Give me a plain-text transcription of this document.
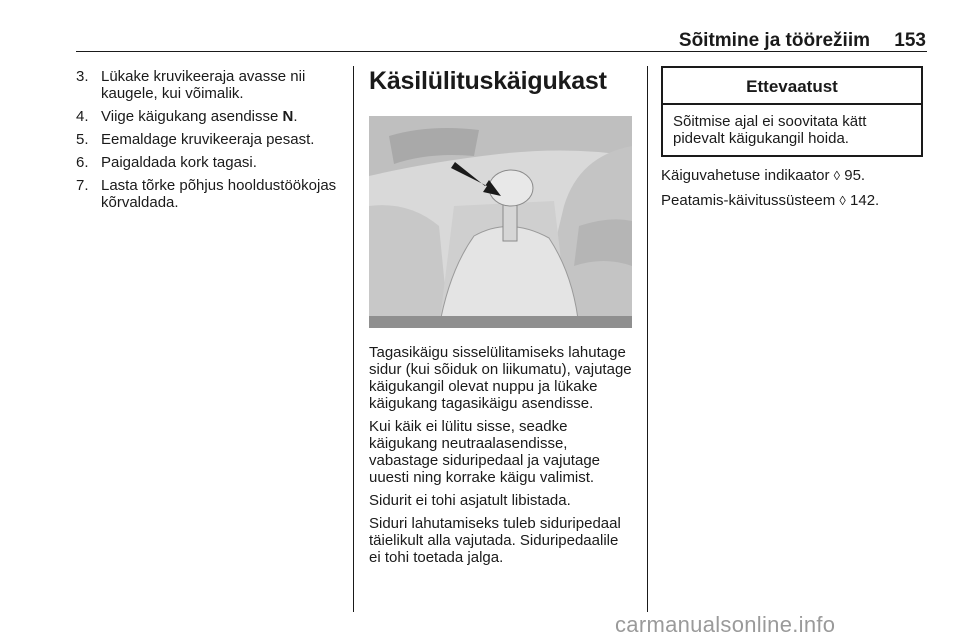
Sõitmine ja töörežiim	153
3. Lükake kruvikeeraja avasse nii kaugele, kui võimalik.
4. Viige käigukang asendisse N.
5. Eemaldage kruvikeeraja pesast.
6. Paigaldada kork tagasi.
7. Lasta tõrke põhjus hooldustöökojas kõrvaldada.
Käsilülituskäigukast

Tagasikäigu sisselülitamiseks lahutage sidur (kui sõiduk on liikumatu), vajutage käigukangil olevat nuppu ja lükake käigukang tagasikäigu asendisse.

Kui käik ei lülitu sisse, seadke käigukang neutraalasendisse, vabastage siduripedaal ja vajutage uuesti ning korrake käigu valimist.

Sidurit ei tohi asjatult libistada.

Siduri lahutamiseks tuleb siduripedaal täielikult alla vajutada. Siduripedaalile ei tohi toetada jalga.

Ettevaatust
Sõitmise ajal ei soovitata kätt pidevalt käigukangil hoida.

Käiguvahetuse indikaator ◊ 95.

Peatamis-käivitussüsteem ◊ 142.

carmanualsonline.info
